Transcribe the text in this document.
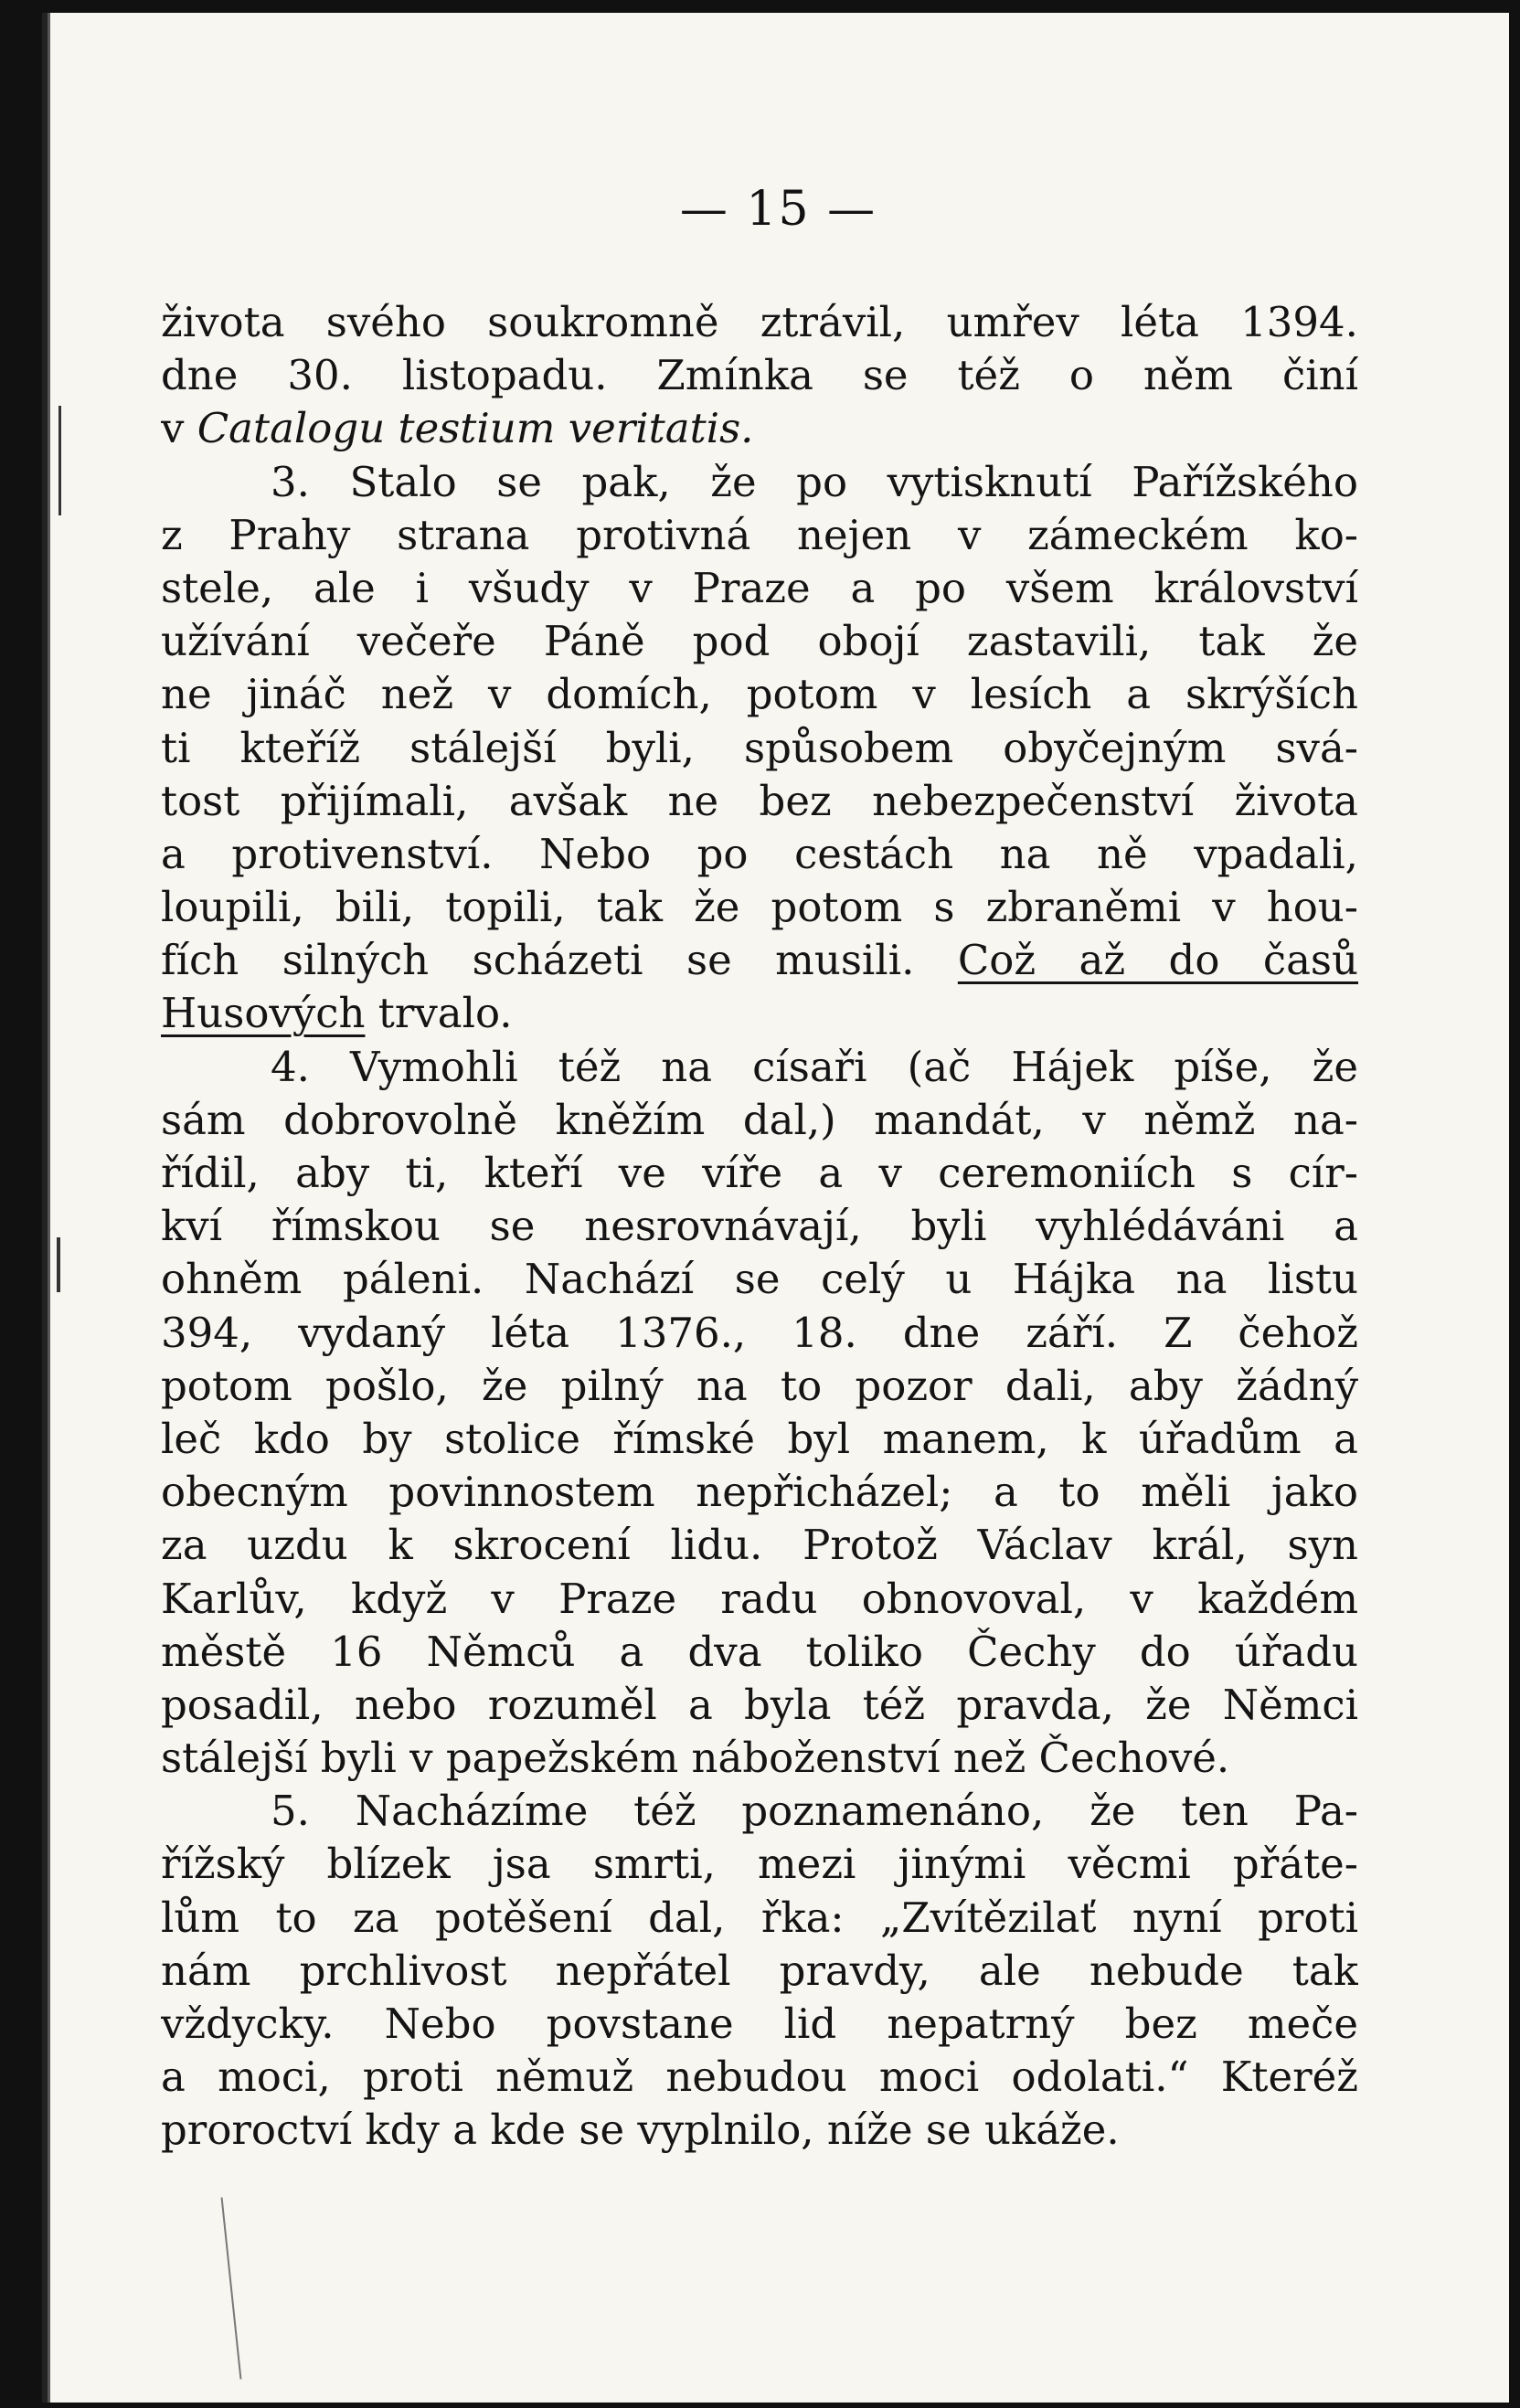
— 15 —
života svého soukromně ztrávil, umřev léta 1394.
dne 30. listopadu. Zmínka se též o něm činí
v Catalogu testium veritatis.
3. Stalo se pak, že po vytisknutí Paříž̌ského
z Prahy strana protivná nejen v zámeckém ko-
stele, ale i všudy v Praze a po všem království
užívání večeře Páně pod obojí zastavili, tak že
ne jináč než v domích, potom v lesích a skrýších
ti kteříž stálejší byli, spůsobem obyčejným svá-
tost přijímali, avšak ne bez nebezpečenství života
a protivenství. Nebo po cestách na ně vpadali,
loupili, bili, topili, tak že potom s zbraněmi v hou-
fích silných scházeti se musili. Což až do časů
Husových trvalo.
4. Vymohli též na císaři (ač Hájek píše, že
sám dobrovolně kněžím dal,) mandát, v němž na-
řídil, aby ti, kteří ve víře a v ceremoniích s cír-
kví římskou se nesrovnávají, byli vyhlédáváni a
ohněm páleni. Nachází se celý u Hájka na listu
394, vydaný léta 1376., 18. dne září. Z čehož
potom pošlo, že pilný na to pozor dali, aby žádný
leč kdo by stolice římské byl manem, k úřadům a
obecným povinnostem nepřicházel; a to měli jako
za uzdu k skrocení lidu. Protož Václav král, syn
Karlův, když v Praze radu obnovoval, v každém
městě 16 Němců a dva toliko Čechy do úřadu
posadil, nebo rozuměl a byla též pravda, že Němci
stálejší byli v papežském náboženství než Čechové.
5. Nacházíme též poznamenáno, že ten Pa-
řížský blízek jsa smrti, mezi jinými věcmi přáte-
lům to za potěšení dal, řka: „Zvítězilať nyní proti
nám prchlivost nepřátel pravdy, ale nebude tak
vždycky. Nebo povstane lid nepatrný bez meče
a moci, proti němuž nebudou moci odolati.“ Kteréž
proroctví kdy a kde se vyplnilo, níže se ukáže.
